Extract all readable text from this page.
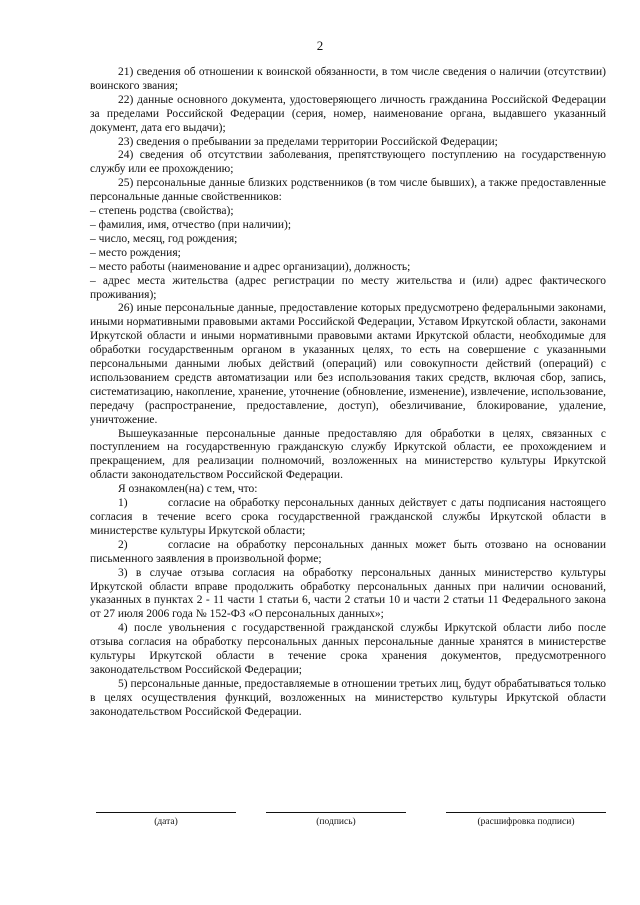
2

21) сведения об отношении к воинской обязанности, в том числе сведения о наличии (отсутствии) воинского звания;

22) данные основного документа, удостоверяющего личность гражданина Российской Федерации за пределами Российской Федерации (серия, номер, наименование органа, выдавшего указанный документ, дата его выдачи);

23) сведения о пребывании за пределами территории Российской Федерации;

24) сведения об отсутствии заболевания, препятствующего поступлению на государственную службу или ее прохождению;

25) персональные данные близких родственников (в том числе бывших), а также предоставленные персональные данные свойственников:

– степень родства (свойства);

– фамилия, имя, отчество (при наличии);

– число, месяц, год рождения;

– место рождения;

– место работы (наименование и адрес организации), должность;

– адрес места жительства (адрес регистрации по месту жительства и (или) адрес фактического проживания);

26) иные персональные данные, предоставление которых предусмотрено федеральными законами, иными нормативными правовыми актами Российской Федерации, Уставом Иркутской области, законами Иркутской области и иными нормативными правовыми актами Иркутской области, необходимые для обработки государственным органом в указанных целях, то есть на совершение с указанными персональными данными любых действий (операций) или совокупности действий (операций) с использованием средств автоматизации или без использования таких средств, включая сбор, запись, систематизацию, накопление, хранение, уточнение (обновление, изменение), извлечение, использование, передачу (распространение, предоставление, доступ), обезличивание, блокирование, удаление, уничтожение.

Вышеуказанные персональные данные предоставляю для обработки в целях, связанных с поступлением на государственную гражданскую службу Иркутской области, ее прохождением и прекращением, для реализации полномочий, возложенных на министерство культуры Иркутской области законодательством Российской Федерации.

Я ознакомлен(на) с тем, что:

1)	согласие на обработку персональных данных действует с даты подписания настоящего согласия в течение всего срока государственной гражданской службы Иркутской области в министерстве культуры Иркутской области;

2)	согласие на обработку персональных данных может быть отозвано на основании письменного заявления в произвольной форме;

3) в случае отзыва согласия на обработку персональных данных министерство культуры Иркутской области вправе продолжить обработку персональных данных при наличии оснований, указанных в пунктах 2 - 11 части 1 статьи 6, части 2 статьи 10 и части 2 статьи 11 Федерального закона от 27 июля 2006 года № 152-ФЗ «О персональных данных»;

4) после увольнения с государственной гражданской службы Иркутской области либо после отзыва согласия на обработку персональных данных персональные данные хранятся в министерстве культуры Иркутской области в течение срока хранения документов, предусмотренного законодательством Российской Федерации;

5) персональные данные, предоставляемые в отношении третьих лиц, будут обрабатываться только в целях осуществления функций, возложенных на министерство культуры Иркутской области законодательством Российской Федерации.

(дата)	(подпись)	(расшифровка подписи)
